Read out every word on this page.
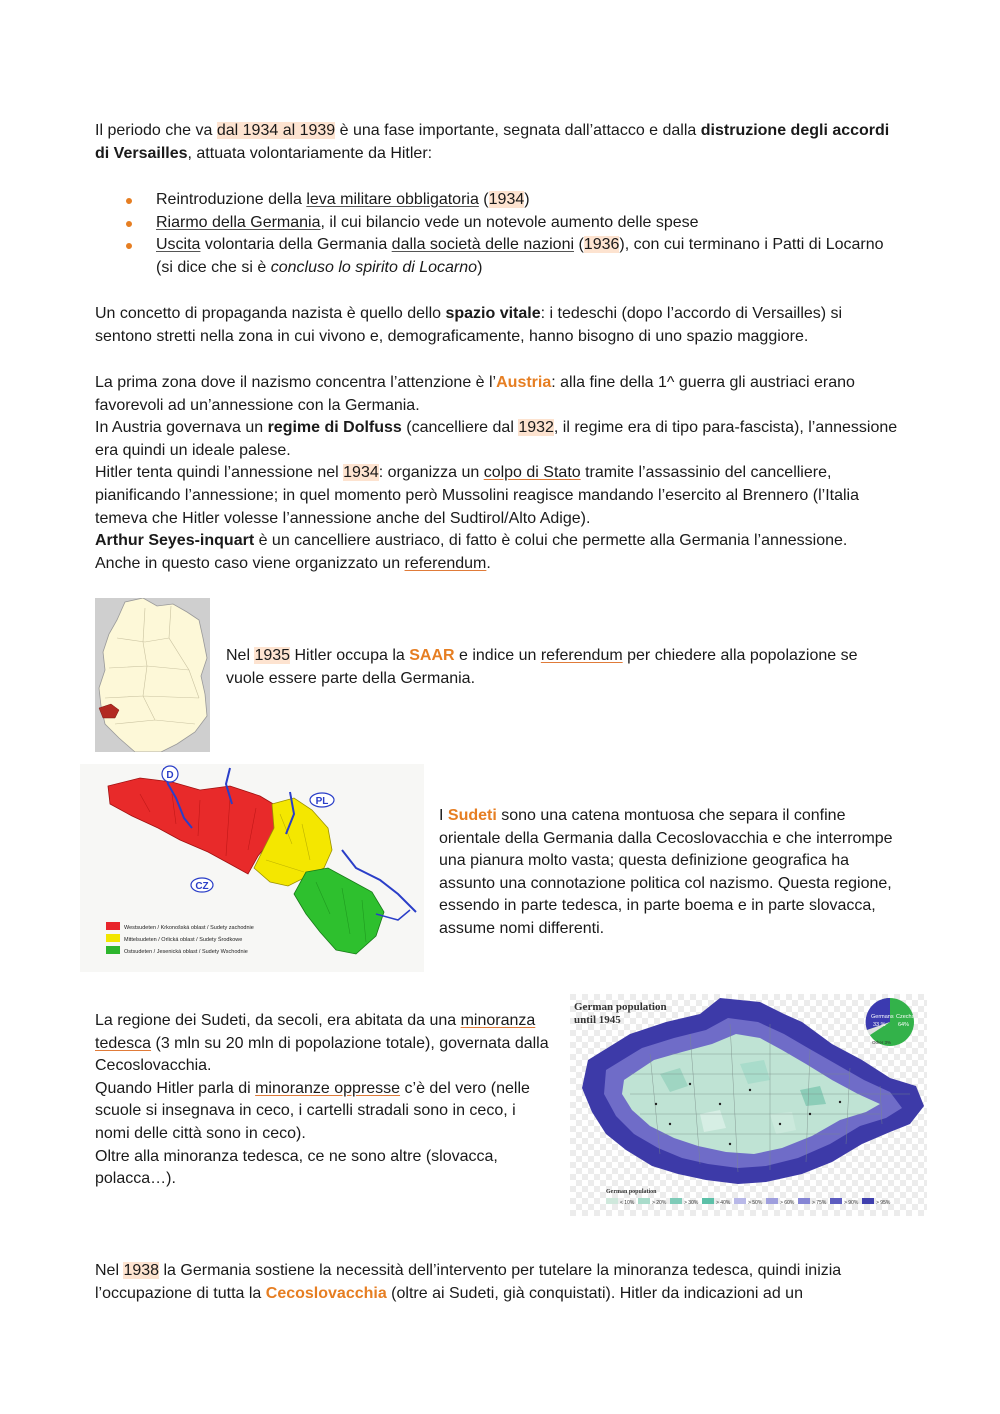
Il periodo che va dal 1934 al 1939 è una fase importante, segnata dall’attacco e dalla distruzione degli accordi di Versailles, attuata volontariamente da Hitler:
Reintroduzione della leva militare obbligatoria (1934)
Riarmo della Germania, il cui bilancio vede un notevole aumento delle spese
Uscita volontaria della Germania dalla società delle nazioni (1936), con cui terminano i Patti di Locarno (si dice che si è concluso lo spirito di Locarno)
Un concetto di propaganda nazista è quello dello spazio vitale: i tedeschi (dopo l’accordo di Versailles) si sentono stretti nella zona in cui vivono e, demograficamente, hanno bisogno di uno spazio maggiore.
La prima zona dove il nazismo concentra l’attenzione è l’Austria: alla fine della 1^ guerra gli austriaci erano favorevoli ad un’annessione con la Germania.
In Austria governava un regime di Dolfuss (cancelliere dal 1932, il regime era di tipo para-fascista), l’annessione era quindi un ideale palese.
Hitler tenta quindi l’annessione nel 1934: organizza un colpo di Stato tramite l’assassinio del cancelliere, pianificando l’annessione; in quel momento però Mussolini reagisce mandando l’esercito al Brennero (l’Italia temeva che Hitler volesse l’annessione anche del Sudtirol/Alto Adige).
Arthur Seyes-inquart è un cancelliere austriaco, di fatto è colui che permette alla Germania l’annessione.
Anche in questo caso viene organizzato un referendum.
Nel 1935 Hitler occupa la SAAR e indice un referendum per chiedere alla popolazione se vuole essere parte della Germania.
D
PL
CZ
Westsudeten / Krkonošská oblast / Sudety zachodnie
Mittelsudeten / Orlická oblast / Sudety Środkowe
Ostsudeten / Jesenická oblast / Sudety Wschodnie
I Sudeti sono una catena montuosa che separa il confine orientale della Germania dalla Cecoslovacchia e che interrompe una pianura molto vasta; questa definizione geografica ha assunto una connotazione politica col nazismo. Questa regione, essendo in parte tedesca, in parte boema e in parte slovacca, assume nomi differenti.
La regione dei Sudeti, da secoli, era abitata da una minoranza tedesca (3 mln su 20 mln di popolazione totale), governata dalla Cecoslovacchia.
Quando Hitler parla di minoranze oppresse c’è del vero (nelle scuole si insegnava in ceco, i cartelli stradali sono in ceco, i nomi delle città sono in ceco).
Oltre alla minoranza tedesca, ce ne sono altre (slovacca, polacca…).
German population
until 1945	Germans
33 %
Czechs
64%
Other 3%
German population
< 10%	> 20%	> 30%	> 40%	> 50%	> 60%	> 75%	> 90%	> 95%
Nel 1938 la Germania sostiene la necessità dell’intervento per tutelare la minoranza tedesca, quindi inizia l’occupazione di tutta la Cecoslovacchia (oltre ai Sudeti, già conquistati). Hitler da indicazioni ad un
